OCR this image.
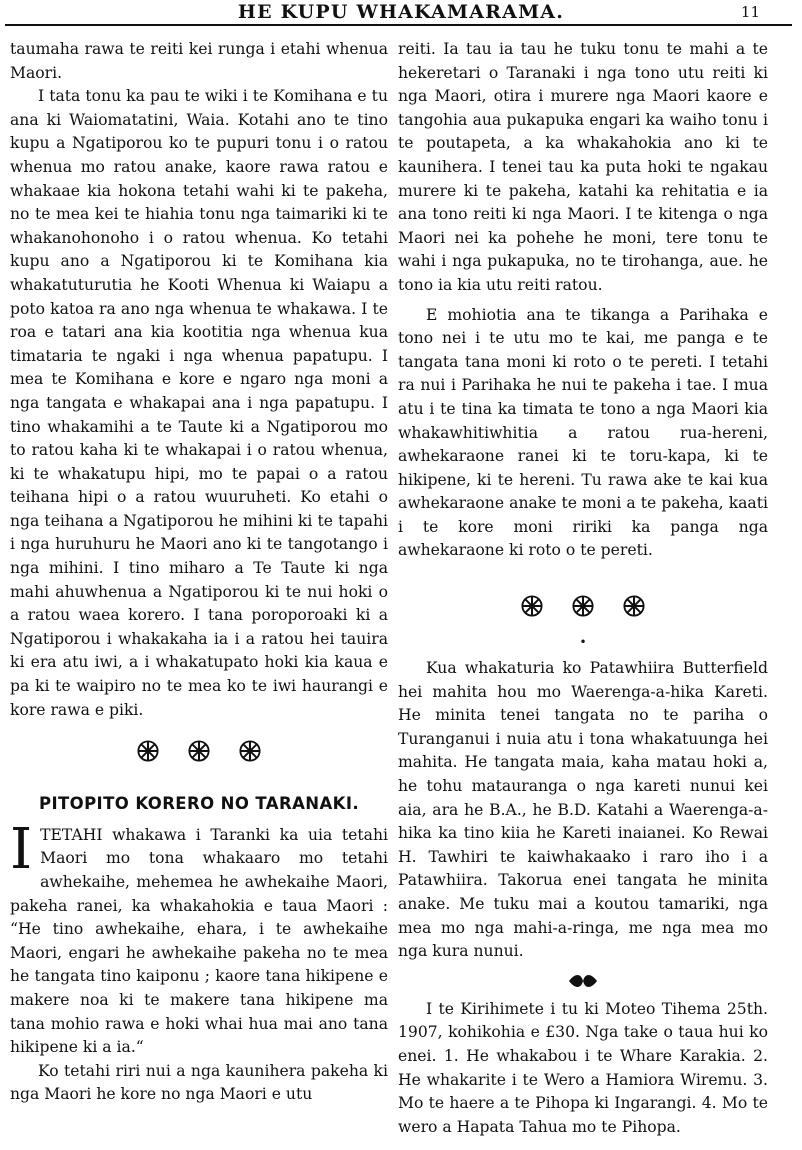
HE KUPU WHAKAMARAMA.	11

taumaha rawa te reiti kei runga i etahi whenua Maori.

I tata tonu ka pau te wiki i te Komihana e tu ana ki Waiomatatini, Waia. Kotahi ano te tino kupu a Ngatiporou ko te pupuri tonu i o ratou whenua mo ratou anake, kaore rawa ratou e whakaae kia hokona tetahi wahi ki te pakeha, no te mea kei te hiahia tonu nga taimariki ki te whakanohonoho i o ratou whenua. Ko tetahi kupu ano a Ngatiporou ki te Komihana kia whakatuturutia he Kooti Whenua ki Waiapu a poto katoa ra ano nga whenua te whakawa. I te roa e tatari ana kia kootitia nga whenua kua timataria te ngaki i nga whenua papatupu. I mea te Komihana e kore e ngaro nga moni a nga tangata e whakapai ana i nga papatupu. I tino whakamihi a te Taute ki a Ngatiporou mo to ratou kaha ki te whakapai i o ratou whenua, ki te whakatupu hipi, mo te papai o a ratou teihana hipi o a ratou wuuruheti. Ko etahi o nga teihana a Ngatiporou he mihini ki te tapahi i nga huruhuru he Maori ano ki te tangotango i nga mihini. I tino miharo a Te Taute ki nga mahi ahuwhenua a Ngatiporou ki te nui hoki o a ratou waea korero. I tana poroporoaki ki a Ngatiporou i whakakaha ia i a ratou hei tauira ki era atu iwi, a i whakatupato hoki kia kaua e pa ki te waipiro no te mea ko te iwi haurangi e kore rawa e piki.

PITOPITO KORERO NO TARANAKI.

ITETAHI whakawa i Taranki ka uia tetahi Maori mo tona whakaaro mo tetahi awhekaihe, mehemea he awhekaihe Maori, pakeha ranei, ka whakahokia e taua Maori : “He tino awhekaihe, ehara, i te awhekaihe Maori, engari he awhekaihe pakeha no te mea he tangata tino kaiponu ; kaore tana hikipene e makere noa ki te makere tana hikipene ma tana mohio rawa e hoki whai hua mai ano tana hikipene ki a ia.“

Ko tetahi riri nui a nga kaunihera pakeha ki nga Maori he kore no nga Maori e utu

reiti. Ia tau ia tau he tuku tonu te mahi a te hekeretari o Taranaki i nga tono utu reiti ki nga Maori, otira i murere nga Maori kaore e tangohia aua pukapuka engari ka waiho tonu i te poutapeta, a ka whakahokia ano ki te kaunihera. I tenei tau ka puta hoki te ngakau murere ki te pakeha, katahi ka rehitatia e ia ana tono reiti ki nga Maori. I te kitenga o nga Maori nei ka pohehe he moni, tere tonu te wahi i nga pukapuka, no te tirohanga, aue. he tono ia kia utu reiti ratou.

E mohiotia ana te tikanga a Parihaka e tono nei i te utu mo te kai, me panga e te tangata tana moni ki roto o te pereti. I tetahi ra nui i Parihaka he nui te pakeha i tae. I mua atu i te tina ka timata te tono a nga Maori kia whakawhitiwhitia a ratou rua-hereni, awhekaraone ranei ki te toru-kapa, ki te hikipene, ki te hereni. Tu rawa ake te kai kua awhekaraone anake te moni a te pakeha, kaati i te kore moni ririki ka panga nga awhekaraone ki roto o te pereti.

•

Kua whakaturia ko Patawhiira Butterfield hei mahita hou mo Waerenga-a-hika Kareti. He minita tenei tangata no te pariha o Turanganui i nuia atu i tona whakatuunga hei mahita. He tangata maia, kaha matau hoki a, he tohu matauranga o nga kareti nunui kei aia, ara he B.A., he B.D. Katahi a Waerenga-a-hika ka tino kiia he Kareti inaianei. Ko Rewai H. Tawhiri te kaiwhakaako i raro iho i a Patawhiira. Takorua enei tangata he minita anake. Me tuku mai a koutou tamariki, nga mea mo nga mahi-a-ringa, me nga mea mo nga kura nunui.

I te Kirihimete i tu ki Moteo Tihema 25th. 1907, kohikohia e £30. Nga take o taua hui ko enei. 1. He whakabou i te Whare Karakia. 2. He whakarite i te Wero a Hamiora Wiremu. 3. Mo te haere a te Pihopa ki Ingarangi. 4. Mo te wero a Hapata Tahua mo te Pihopa.
